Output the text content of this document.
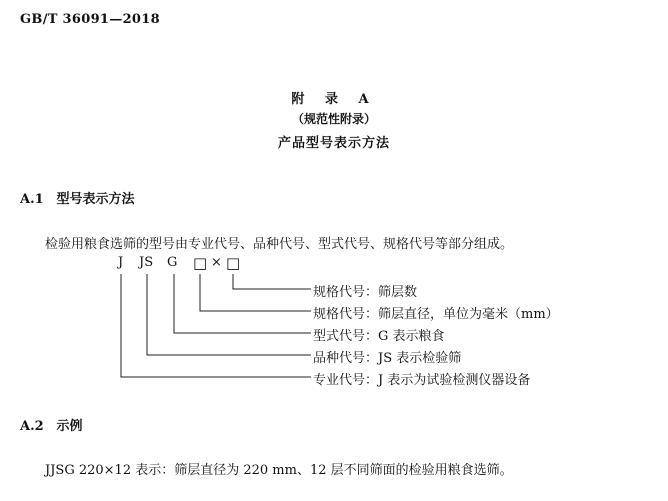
GB/T 36091—2018
附 录 A
（规范性附录）
产品型号表示方法
A.1 型号表示方法
检验用粮食选筛的型号由专业代号、品种代号、型式代号、规格代号等部分组成。
J JS G □ × □
规格代号：筛层数
规格代号：筛层直径，单位为毫米（mm）
型式代号：G 表示粮食
品种代号：JS 表示检验筛
专业代号：J 表示为试验检测仪器设备
A.2 示例
JJSG 220×12 表示：筛层直径为 220 mm、12 层不同筛面的检验用粮食选筛。
